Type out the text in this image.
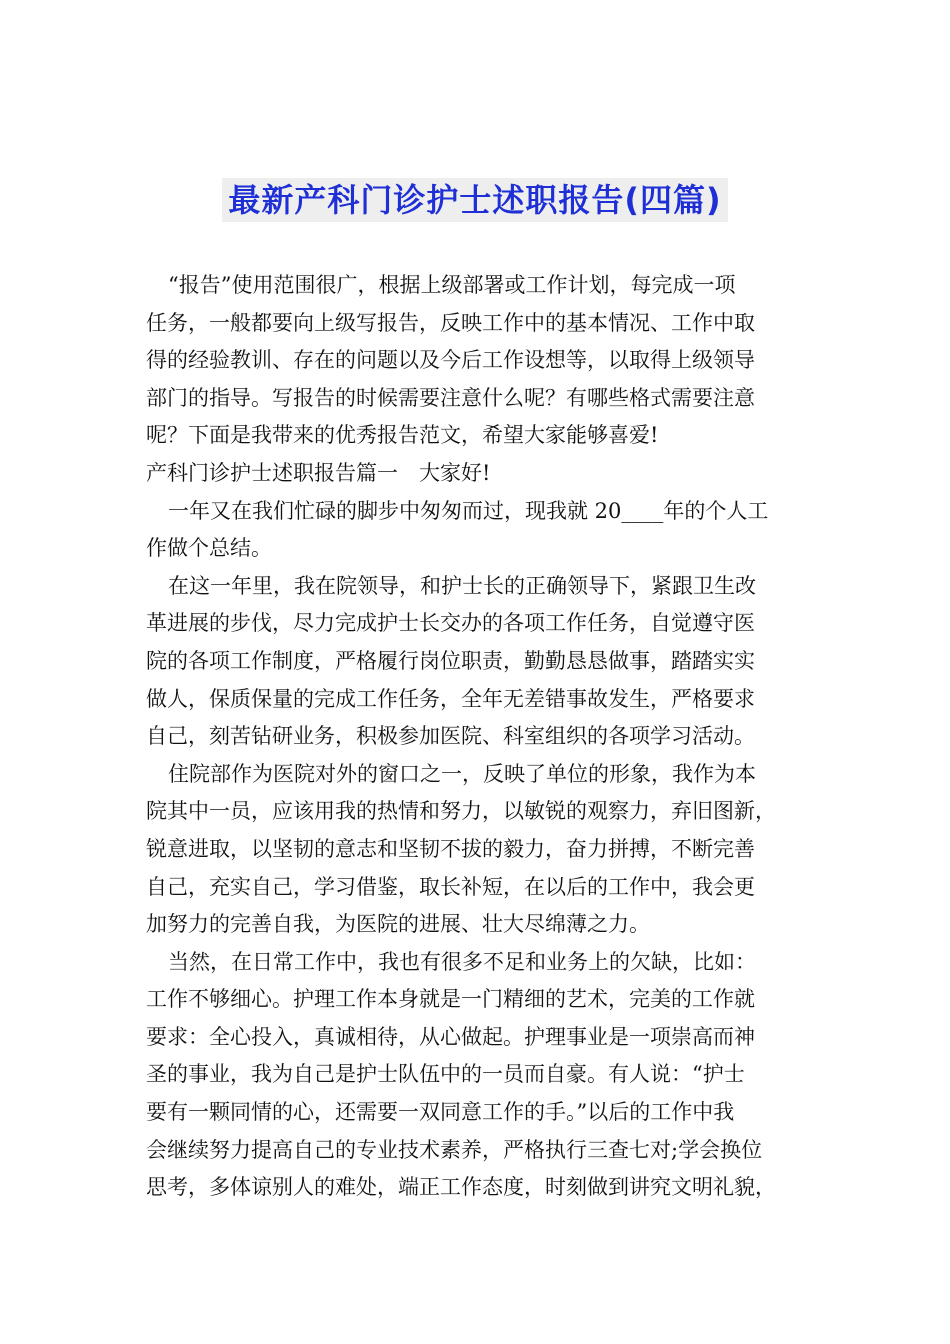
最新产科门诊护士述职报告(四篇)
“报告”使用范围很广，根据上级部署或工作计划，每完成一项
任务，一般都要向上级写报告，反映工作中的基本情况、工作中取
得的经验教训、存在的问题以及今后工作设想等，以取得上级领导
部门的指导。写报告的时候需要注意什么呢？有哪些格式需要注意
呢？下面是我带来的优秀报告范文，希望大家能够喜爱!
产科门诊护士述职报告篇一　大家好!
一年又在我们忙碌的脚步中匆匆而过，现我就 20____年的个人工
作做个总结。
在这一年里，我在院领导，和护士长的正确领导下，紧跟卫生改
革进展的步伐，尽力完成护士长交办的各项工作任务，自觉遵守医
院的各项工作制度，严格履行岗位职责，勤勤恳恳做事，踏踏实实
做人，保质保量的完成工作任务，全年无差错事故发生，严格要求
自己，刻苦钻研业务，积极参加医院、科室组织的各项学习活动。
住院部作为医院对外的窗口之一，反映了单位的形象，我作为本
院其中一员，应该用我的热情和努力，以敏锐的观察力，弃旧图新，
锐意进取，以坚韧的意志和坚韧不拔的毅力，奋力拼搏，不断完善
自己，充实自己，学习借鉴，取长补短，在以后的工作中，我会更
加努力的完善自我，为医院的进展、壮大尽绵薄之力。
当然，在日常工作中，我也有很多不足和业务上的欠缺，比如：
工作不够细心。护理工作本身就是一门精细的艺术，完美的工作就
要求：全心投入，真诚相待，从心做起。护理事业是一项崇高而神
圣的事业，我为自己是护士队伍中的一员而自豪。有人说：“护士
要有一颗同情的心，还需要一双同意工作的手。”以后的工作中我
会继续努力提高自己的专业技术素养，严格执行三查七对;学会换位
思考，多体谅别人的难处，端正工作态度，时刻做到讲究文明礼貌，
